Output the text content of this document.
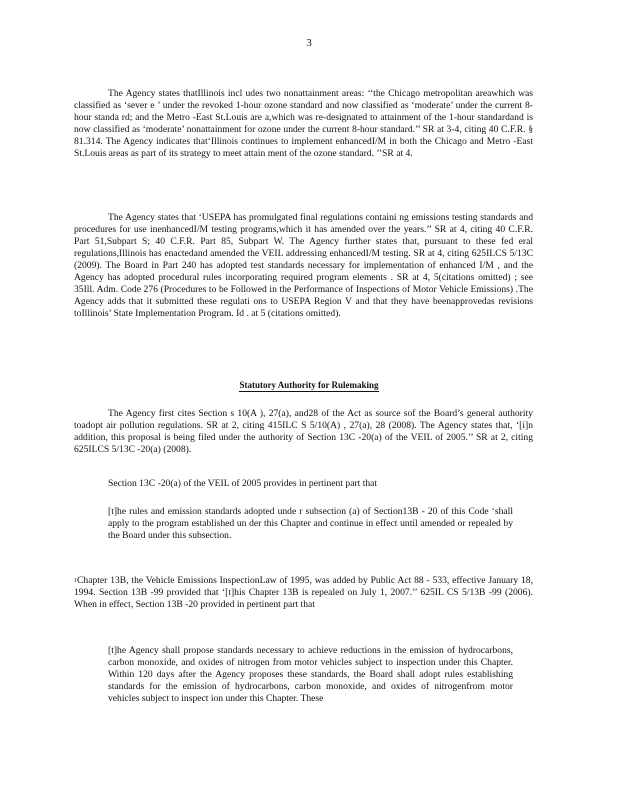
3

The Agency states thatIllinois incl udes two nonattainment areas: ‘‘the Chicago metropolitan areawhich was classified as ‘sever e ’ under the revoked 1-hour ozone standard and now classified as ‘moderate’ under the current 8-hour standa rd; and the Metro -East St.Louis are a,which was re-designated to attainment of the 1-hour standardand is now classified as ‘moderate’ nonattainment for ozone under the current 8-hour standard.’’ SR at 3-4, citing 40 C.F.R. § 81.314. The Agency indicates that‘Illinois continues to implement enhancedI/M in both the Chicago and Metro -East St.Louis areas as part of its strategy to meet attain ment of the ozone standard. ’’SR at 4.

The Agency states that ‘USEPA has promulgated final regulations containi ng emissions testing standards and procedures for use inenhancedI/M testing programs,which it has amended over the years.’’ SR at 4, citing 40 C.F.R. Part 51,Subpart S; 40 C.F.R. Part 85, Subpart W. The Agency further states that, pursuant to these fed eral regulations,Illinois has enactedand amended the VEIL addressing enhancedI/M testing. SR at 4, citing 625ILCS 5/13C (2009). The Board in Part 240 has adopted test standards necessary for implementation of enhanced I/M , and the Agency has adopted procedural rules incorporating required program elements . SR at 4, 5(citations omitted) ; see 35Ill. Adm. Code 276 (Procedures to be Followed in the Performance of Inspections of Motor Vehicle Emissions) .The Agency adds that it submitted these regulati ons to USEPA Region V and that they have beenapprovedas revisions toIllinois’ State Implementation Program. Id . at 5 (citations omitted).

Statutory Authority for Rulemaking

The Agency first cites Section s 10(A ), 27(a), and28 of the Act as source sof the Board’s general authority toadopt air pollution regulations. SR at 2, citing 415ILC S 5/10(A) , 27(a), 28 (2008). The Agency states that, ‘[i]n addition, this proposal is being filed under the authority of Section 13C -20(a) of the VEIL of 2005.’’ SR at 2, citing 625ILCS 5/13C -20(a) (2008).

Section 13C -20(a) of the VEIL of 2005 provides in pertinent part that

[t]he rules and emission standards adopted unde r subsection (a) of Section13B - 20 of this Code ‘shall apply to the program established un der this Chapter and continue in effect until amended or repealed by the Board under this subsection.

$^1$Chapter 13B, the Vehicle Emissions InspectionLaw of 1995, was added by Public Act 88 - 533, effective January 18, 1994. Section 13B -99 provided that ‘[t]his Chapter 13B is repealed on July 1, 2007.’’ 625IL CS 5/13B -99 (2006). When in effect, Section 13B -20 provided in pertinent part that

[t]he Agency shall propose standards necessary to achieve reductions in the emission of hydrocarbons, carbon monoxide, and oxides of nitrogen from motor vehicles subject to inspection under this Chapter. Within 120 days after the Agency proposes these standards, the Board shall adopt rules establishing standards for the emission of hydrocarbons, carbon monoxide, and oxides of nitrogenfrom motor vehicles subject to inspect ion under this Chapter. These
